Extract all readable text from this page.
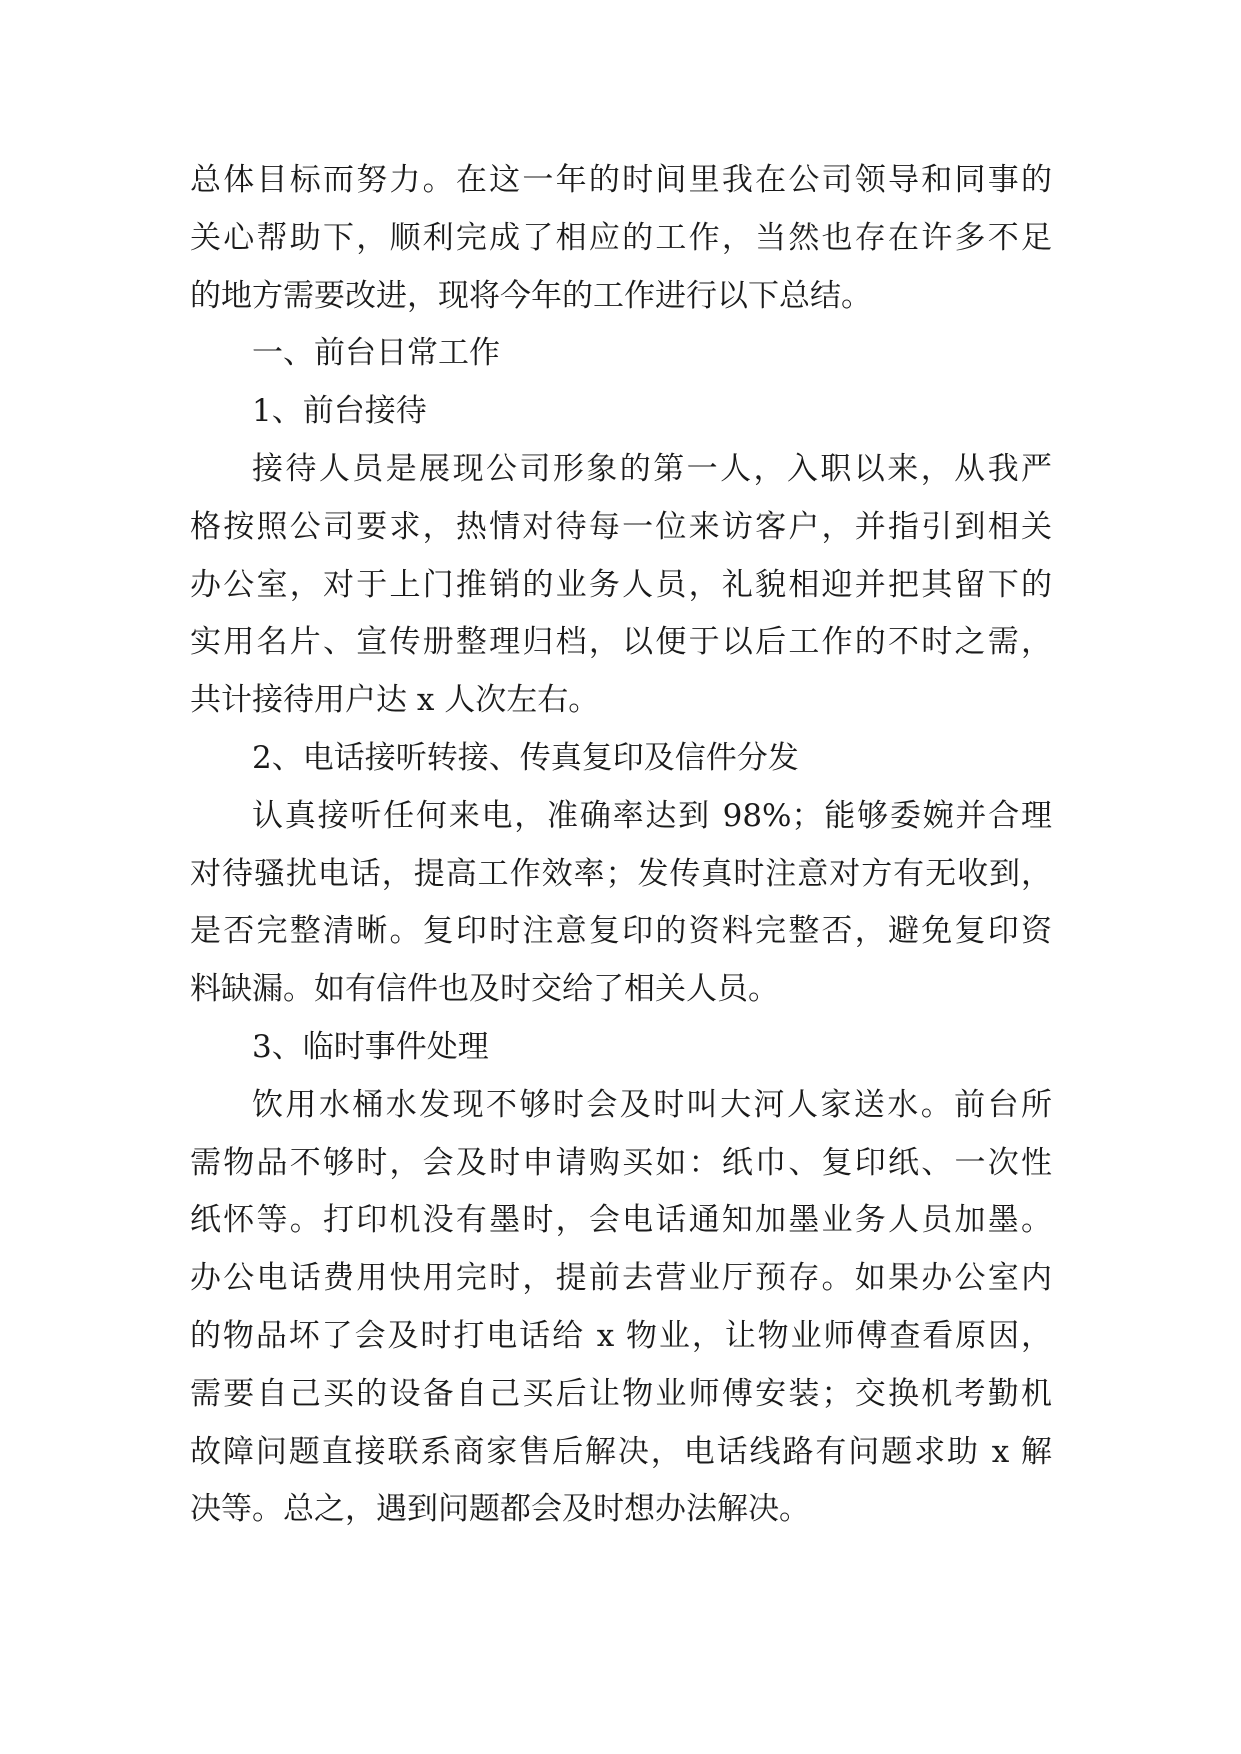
总体目标而努力。在这一年的时间里我在公司领导和同事的
关心帮助下，顺利完成了相应的工作，当然也存在许多不足
的地方需要改进，现将今年的工作进行以下总结。
一、前台日常工作
1、前台接待
接待人员是展现公司形象的第一人，入职以来，从我严
格按照公司要求，热情对待每一位来访客户，并指引到相关
办公室，对于上门推销的业务人员，礼貌相迎并把其留下的
实用名片、宣传册整理归档，以便于以后工作的不时之需，
共计接待用户达 x 人次左右。
2、电话接听转接、传真复印及信件分发
认真接听任何来电，准确率达到 98%；能够委婉并合理
对待骚扰电话，提高工作效率；发传真时注意对方有无收到，
是否完整清晰。复印时注意复印的资料完整否，避免复印资
料缺漏。如有信件也及时交给了相关人员。
3、临时事件处理
饮用水桶水发现不够时会及时叫大河人家送水。前台所
需物品不够时，会及时申请购买如：纸巾、复印纸、一次性
纸怀等。打印机没有墨时，会电话通知加墨业务人员加墨。
办公电话费用快用完时，提前去营业厅预存。如果办公室内
的物品坏了会及时打电话给 x 物业，让物业师傅查看原因，
需要自己买的设备自己买后让物业师傅安装；交换机考勤机
故障问题直接联系商家售后解决，电话线路有问题求助 x 解
决等。总之，遇到问题都会及时想办法解决。
